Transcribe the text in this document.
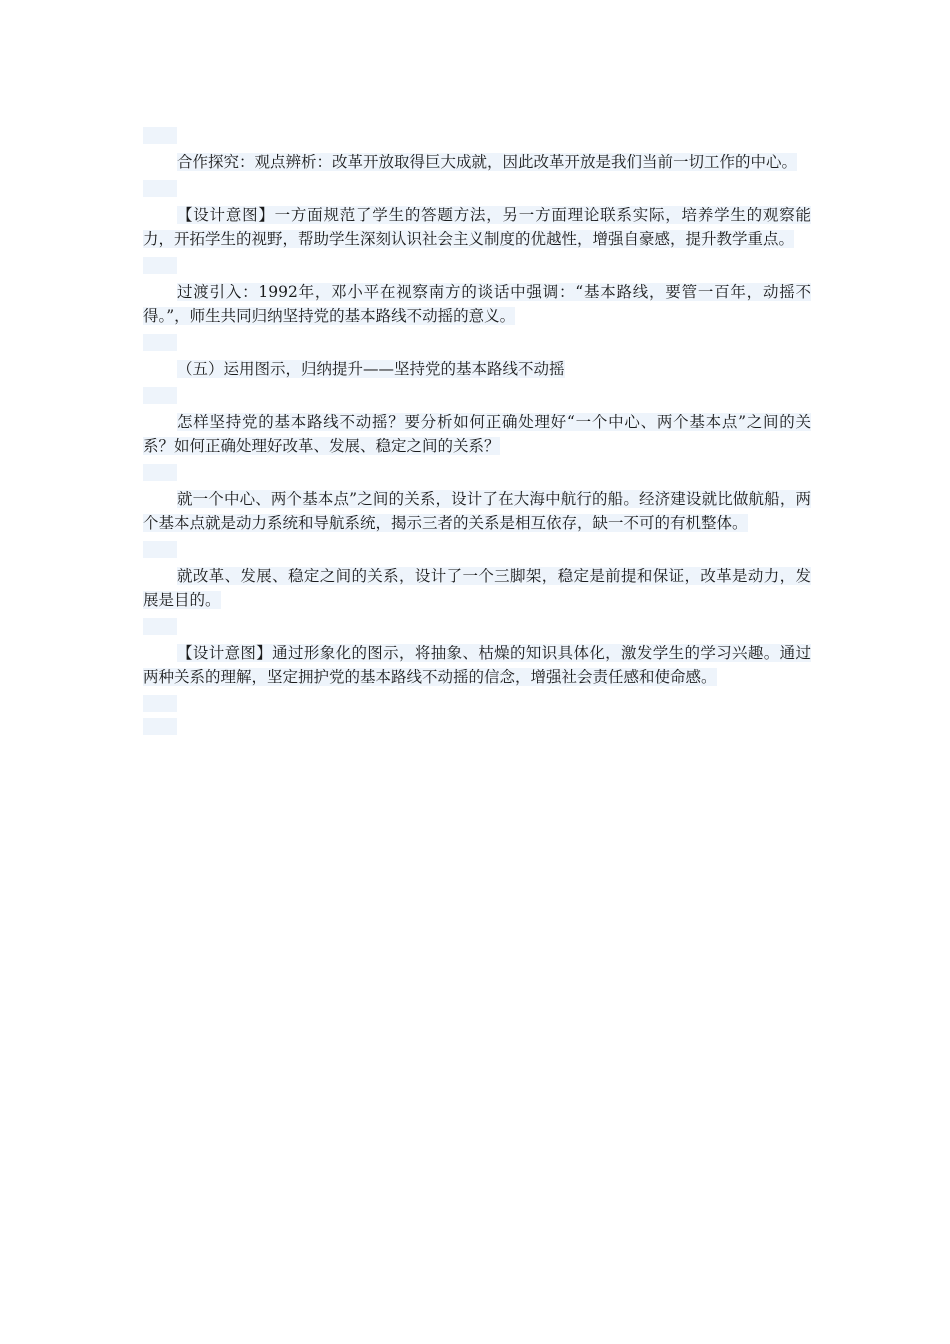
合作探究：观点辨析：改革开放取得巨大成就，因此改革开放是我们当前一切工作的中心。

【设计意图】一方面规范了学生的答题方法，另一方面理论联系实际，培养学生的观察能力，开拓学生的视野，帮助学生深刻认识社会主义制度的优越性，增强自豪感，提升教学重点。

过渡引入：1992年，邓小平在视察南方的谈话中强调：“基本路线，要管一百年，动摇不得。”，师生共同归纳坚持党的基本路线不动摇的意义。

（五）运用图示，归纳提升——坚持党的基本路线不动摇

怎样坚持党的基本路线不动摇？要分析如何正确处理好“一个中心、两个基本点”之间的关系？如何正确处理好改革、发展、稳定之间的关系？

就一个中心、两个基本点”之间的关系，设计了在大海中航行的船。经济建设就比做航船，两个基本点就是动力系统和导航系统，揭示三者的关系是相互依存，缺一不可的有机整体。

就改革、发展、稳定之间的关系，设计了一个三脚架，稳定是前提和保证，改革是动力，发展是目的。

【设计意图】通过形象化的图示，将抽象、枯燥的知识具体化，激发学生的学习兴趣。通过两种关系的理解，坚定拥护党的基本路线不动摇的信念，增强社会责任感和使命感。
